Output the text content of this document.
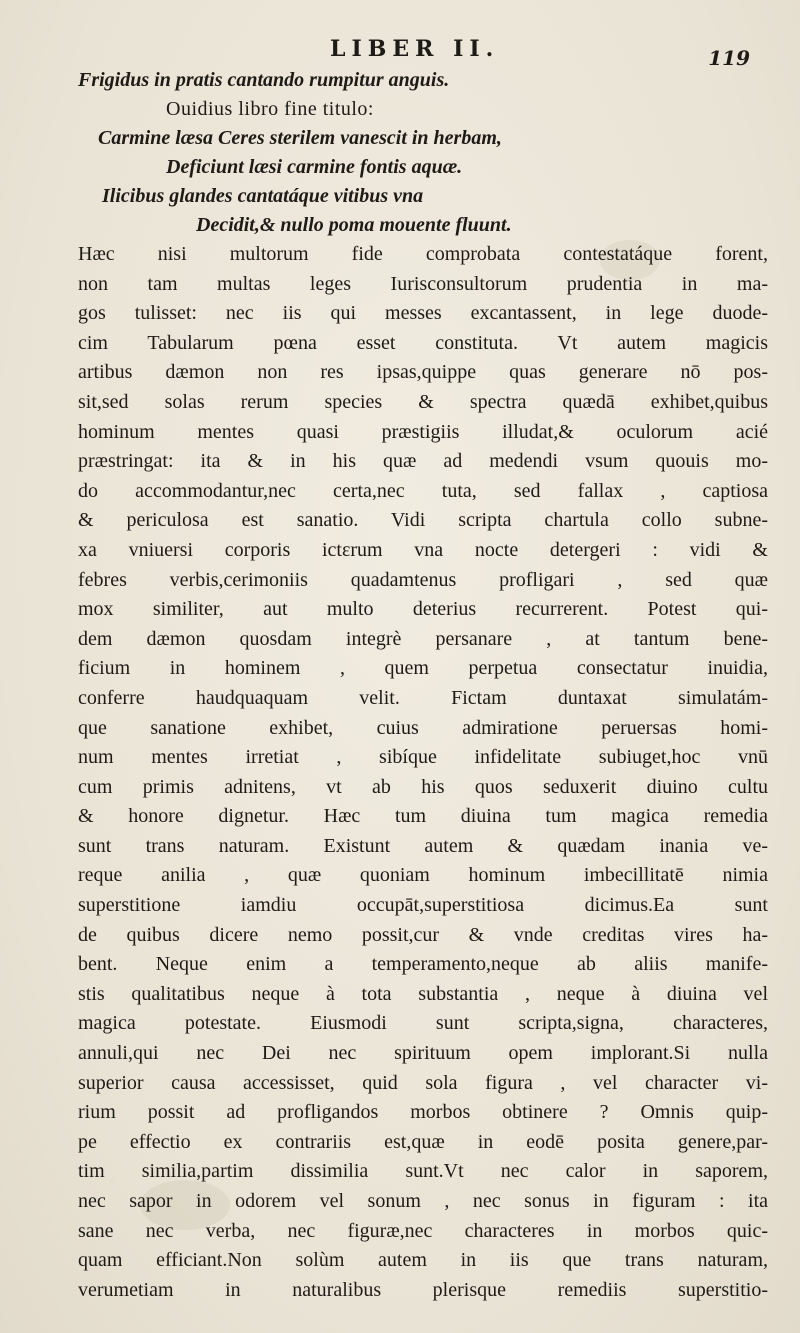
LIBER II.	119
Frigidus in pratis cantando rumpitur anguis.
Ouidius libro fine titulo:
Carmine læsa Ceres sterilem vanescit in herbam,
Deficiunt læsi carmine fontis aquæ.
Ilicibus glandes cantatáque vitibus vna
Decidit,& nullo poma mouente fluunt.
Hæc nisi multorum fide comprobata contestatáque forent,
non tam multas leges Iurisconsultorum prudentia in ma-
gos tulisset: nec iis qui messes excantassent, in lege duode-
cim Tabularum pœna esset constituta. Vt autem magicis
artibus dæmon non res ipsas,quippe quas generare nō pos-
sit,sed solas rerum species & spectra quædā exhibet,quibus
hominum mentes quasi præstigiis illudat,& oculorum acié
præstringat: ita & in his quæ ad medendi vsum quouis mo-
do accommodantur,nec certa,nec tuta, sed fallax , captiosa
& periculosa est sanatio. Vidi scripta chartula collo subne-
xa vniuersi corporis ictεrum vna nocte detergeri : vidi &
febres verbis,cerimoniis quadamtenus profligari , sed quæ
mox similiter, aut multo deterius recurrerent. Potest qui-
dem dæmon quosdam integrè persanare , at tantum bene-
ficium in hominem , quem perpetua consectatur inuidia,
conferre haudquaquam velit. Fictam duntaxat simulatám-
que sanatione exhibet, cuius admiratione peruersas homi-
num mentes irretiat , sibíque infidelitate subiuget,hoc vnū
cum primis adnitens, vt ab his quos seduxerit diuino cultu
& honore dignetur. Hæc tum diuina tum magica remedia
sunt trans naturam. Existunt autem & quædam inania ve-
reque anilia , quæ quoniam hominum imbecillitatē nimia
superstitione iamdiu occupāt,superstitiosa dicimus.Ea sunt
de quibus dicere nemo possit,cur & vnde creditas vires ha-
bent. Neque enim a temperamento,neque ab aliis manife-
stis qualitatibus neque à tota substantia , neque à diuina vel
magica potestate. Eiusmodi sunt scripta,signa, characteres,
annuli,qui nec Dei nec spirituum opem implorant.Si nulla
superior causa accessisset, quid sola figura , vel character vi-
rium possit ad profligandos morbos obtinere ? Omnis quip-
pe effectio ex contrariis est,quæ in eodē posita genere,par-
tim similia,partim dissimilia sunt.Vt nec calor in saporem,
nec sapor in odorem vel sonum , nec sonus in figuram : ita
sane nec verba, nec figuræ,nec characteres in morbos quic-
quam efficiant.Non solùm autem in iis que trans naturam,
verumetiam in naturalibus plerisque remediis superstitio-
